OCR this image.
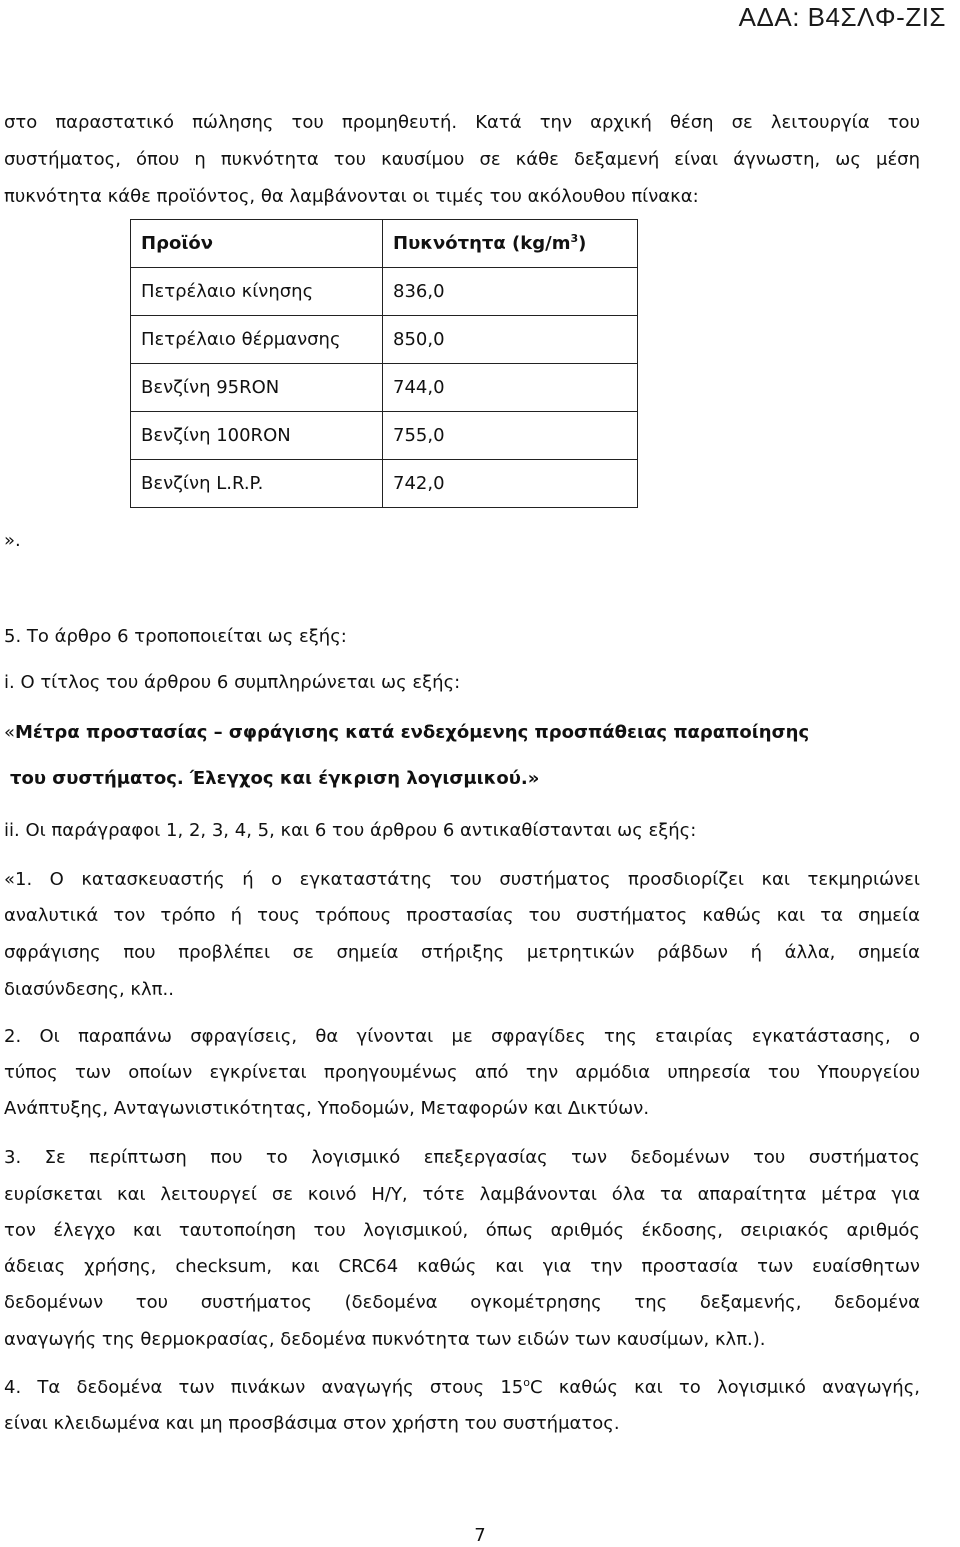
ΑΔΑ: Β4ΣΛΦ-ΖΙΣ
στο παραστατικό πώλησης του προμηθευτή. Κατά την αρχική θέση σε λειτουργία του
συστήματος, όπου η πυκνότητα του καυσίμου σε κάθε δεξαμενή είναι άγνωστη, ως μέση
πυκνότητα κάθε προϊόντος, θα λαμβάνονται οι τιμές του ακόλουθου πίνακα:
Προϊόν	Πυκνότητα $(kg/m^3)$
Πετρέλαιο κίνησης	836,0
Πετρέλαιο θέρμανσης	850,0
Βενζίνη 95RON	744,0
Βενζίνη 100RON	755,0
Βενζίνη L.R.P.	742,0
».
5. Το άρθρο 6 τροποποιείται ως εξής:
i. Ο τίτλος του άρθρου 6 συμπληρώνεται ως εξής:
«Μέτρα προστασίας – σφράγισης κατά ενδεχόμενης προσπάθειας παραποίησης
του συστήματος. Έλεγχος και έγκριση λογισμικού.»
ii. Οι παράγραφοι 1, 2, 3, 4, 5, και 6 του άρθρου 6 αντικαθίστανται ως εξής:
«1. Ο κατασκευαστής ή ο εγκαταστάτης του συστήματος προσδιορίζει και τεκμηριώνει
αναλυτικά τον τρόπο ή τους τρόπους προστασίας του συστήματος καθώς και τα σημεία
σφράγισης που προβλέπει σε σημεία στήριξης μετρητικών ράβδων ή άλλα, σημεία
διασύνδεσης, κλπ..
2. Οι παραπάνω σφραγίσεις, θα γίνονται με σφραγίδες της εταιρίας εγκατάστασης, ο
τύπος των οποίων εγκρίνεται προηγουμένως από την αρμόδια υπηρεσία του Υπουργείου
Ανάπτυξης, Ανταγωνιστικότητας, Υποδομών, Μεταφορών και Δικτύων.
3. Σε περίπτωση που το λογισμικό επεξεργασίας των δεδομένων του συστήματος
ευρίσκεται και λειτουργεί σε κοινό Η/Υ, τότε λαμβάνονται όλα τα απαραίτητα μέτρα για
τον έλεγχο και ταυτοποίηση του λογισμικού, όπως αριθμός έκδοσης, σειριακός αριθμός
άδειας χρήσης, checksum, και CRC64 καθώς και για την προστασία των ευαίσθητων
δεδομένων του συστήματος (δεδομένα ογκομέτρησης της δεξαμενής, δεδομένα
αναγωγής της θερμοκρασίας, δεδομένα πυκνότητα των ειδών των καυσίμων, κλπ.).
4. Τα δεδομένα των πινάκων αναγωγής στους 15$^o$C καθώς και το λογισμικό αναγωγής,
είναι κλειδωμένα και μη προσβάσιμα στον χρήστη του συστήματος.
7
